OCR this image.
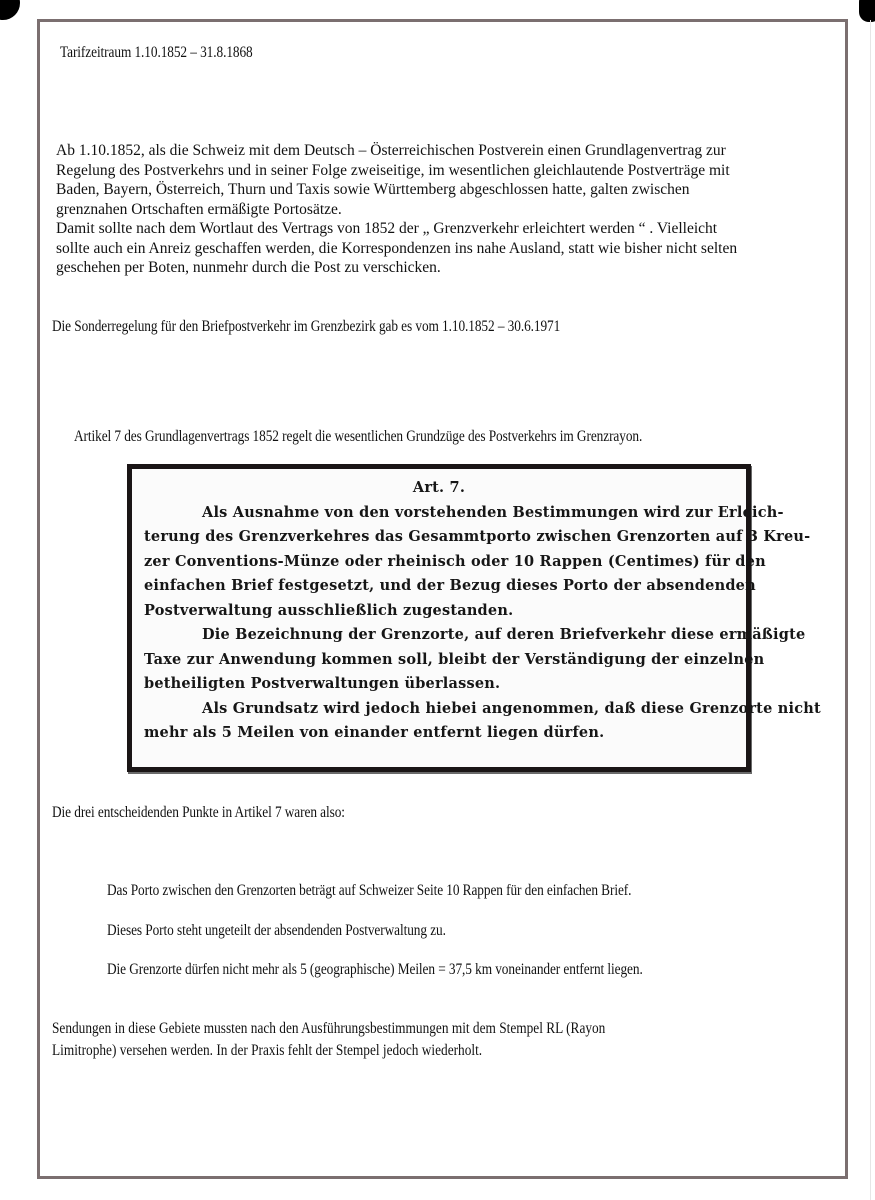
Tarifzeitraum 1.10.1852 – 31.8.1868
Ab 1.10.1852, als die Schweiz mit dem Deutsch – Österreichischen Postverein einen Grundlagenvertrag zur
Regelung des Postverkehrs und in seiner Folge zweiseitige, im wesentlichen gleichlautende Postverträge mit
Baden, Bayern, Österreich, Thurn und Taxis sowie Württemberg abgeschlossen hatte, galten zwischen
grenznahen Ortschaften ermäßigte Portosätze.
Damit sollte nach dem Wortlaut des Vertrags von 1852 der „ Grenzverkehr erleichtert werden “ . Vielleicht
sollte auch ein Anreiz geschaffen werden, die Korrespondenzen ins nahe Ausland, statt wie bisher nicht selten
geschehen per Boten, nunmehr durch die Post zu verschicken.
Die Sonderregelung für den Briefpostverkehr im Grenzbezirk gab es vom 1.10.1852 – 30.6.1971
Artikel 7 des Grundlagenvertrags 1852 regelt die wesentlichen Grundzüge des Postverkehrs im Grenzrayon.
Art. 7.
Als Ausnahme von den vorstehenden Bestimmungen wird zur Erleich-
terung des Grenzverkehres das Gesammtporto zwischen Grenzorten auf 3 Kreu-
zer Conventions-Münze oder rheinisch oder 10 Rappen (Centimes) für den
einfachen Brief festgesetzt, und der Bezug dieses Porto der absendenden
Postverwaltung ausschließlich zugestanden.
Die Bezeichnung der Grenzorte, auf deren Briefverkehr diese ermäßigte
Taxe zur Anwendung kommen soll, bleibt der Verständigung der einzelnen
betheiligten Postverwaltungen überlassen.
Als Grundsatz wird jedoch hiebei angenommen, daß diese Grenzorte nicht
mehr als 5 Meilen von einander entfernt liegen dürfen.
Die drei entscheidenden Punkte in Artikel 7 waren also:
Das Porto zwischen den Grenzorten beträgt auf Schweizer Seite 10 Rappen für den einfachen Brief.
Dieses Porto steht ungeteilt der absendenden Postverwaltung zu.
Die Grenzorte dürfen nicht mehr als 5 (geographische) Meilen = 37,5 km voneinander entfernt liegen.
Sendungen in diese Gebiete mussten nach den Ausführungsbestimmungen mit dem Stempel RL (Rayon
Limitrophe) versehen werden. In der Praxis fehlt der Stempel jedoch wiederholt.
